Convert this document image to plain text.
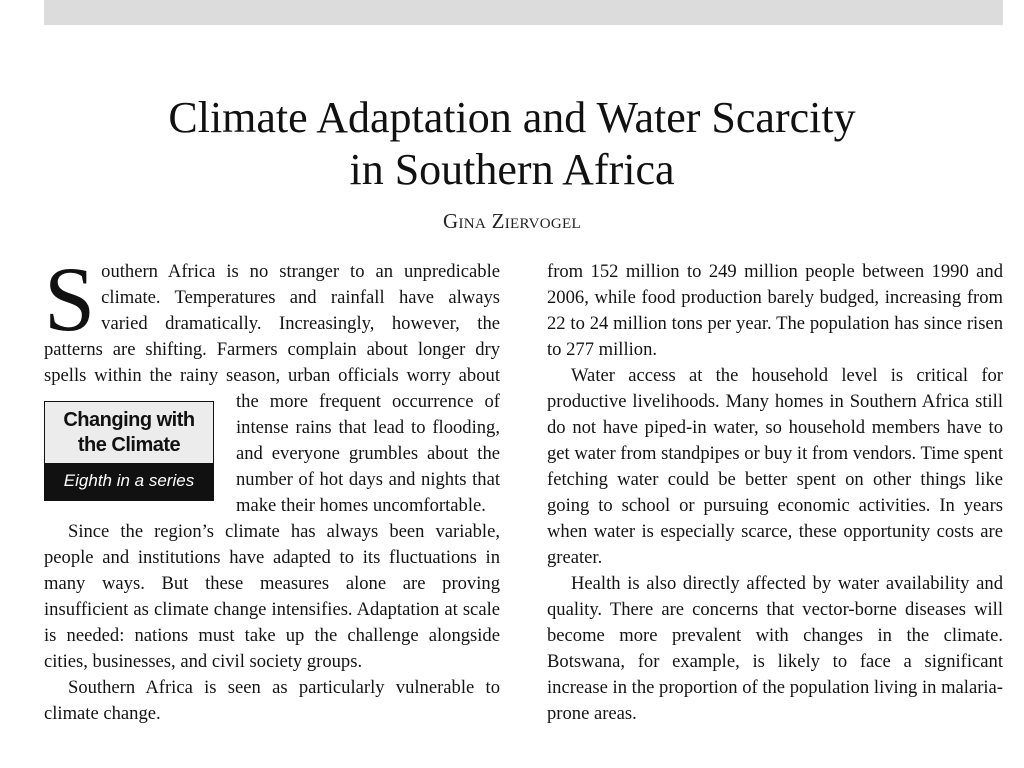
Climate Adaptation and Water Scarcity
in Southern Africa
Gina Ziervogel

Southern Africa is no stranger to an unpredicable climate. Temperatures and rainfall have always varied dramatically. Increasingly, however, the patterns are shifting. Farmers complain about longer dry spells within the rainy season, urban officials worry about the more fre
Changing with the Climate
Eighth in a series
quent occurrence of intense rains that lead to flooding, and everyone grumbles about the number of hot days and nights that make their homes uncomfortable.

Since the region’s climate has always been variable, people and institutions have adapted to its fluctuations in many ways. But these measures alone are proving insufficient as climate change intensifies. Adaptation at scale is needed: nations must take up the challenge alongside cities, businesses, and civil society groups.

Southern Africa is seen as particularly vulnerable to climate change.

from 152 million to 249 million people between 1990 and 2006, while food production barely budged, increasing from 22 to 24 million tons per year. The population has since risen to 277 million.

Water access at the household level is critical for productive livelihoods. Many homes in Southern Africa still do not have piped-in water, so household members have to get water from standpipes or buy it from vendors. Time spent fetching water could be better spent on other things like going to school or pursuing economic activities. In years when water is especially scarce, these opportunity costs are greater.

Health is also directly affected by water availability and quality. There are concerns that vector-borne diseases will become more prevalent with changes in the climate. Botswana, for example, is likely to face a significant increase in the proportion of the population living in malaria-prone areas.
